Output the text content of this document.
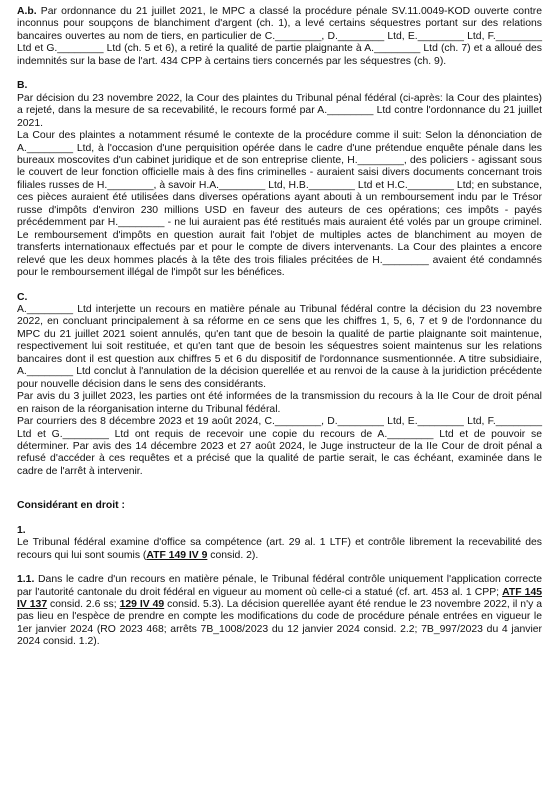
A.b. Par ordonnance du 21 juillet 2021, le MPC a classé la procédure pénale SV.11.0049-KOD ouverte contre inconnus pour soupçons de blanchiment d'argent (ch. 1), a levé certains séquestres portant sur des relations bancaires ouvertes au nom de tiers, en particulier de C.________, D.________ Ltd, E.________ Ltd, F.________ Ltd et G.________ Ltd (ch. 5 et 6), a retiré la qualité de partie plaignante à A.________ Ltd (ch. 7) et a alloué des indemnités sur la base de l'art. 434 CPP à certains tiers concernés par les séquestres (ch. 9).

B.

Par décision du 23 novembre 2022, la Cour des plaintes du Tribunal pénal fédéral (ci-après: la Cour des plaintes) a rejeté, dans la mesure de sa recevabilité, le recours formé par A.________ Ltd contre l'ordonnance du 21 juillet 2021.

La Cour des plaintes a notamment résumé le contexte de la procédure comme il suit: Selon la dénonciation de A.________ Ltd, à l'occasion d'une perquisition opérée dans le cadre d'une prétendue enquête pénale dans les bureaux moscovites d'un cabinet juridique et de son entreprise cliente, H.________, des policiers - agissant sous le couvert de leur fonction officielle mais à des fins criminelles - auraient saisi divers documents concernant trois filiales russes de H.________, à savoir H.A.________ Ltd, H.B.________ Ltd et H.C.________ Ltd; en substance, ces pièces auraient été utilisées dans diverses opérations ayant abouti à un remboursement indu par le Trésor russe d'impôts d'environ 230 millions USD en faveur des auteurs de ces opérations; ces impôts - payés précédemment par H.________ - ne lui auraient pas été restitués mais auraient été volés par un groupe criminel. Le remboursement d'impôts en question aurait fait l'objet de multiples actes de blanchiment au moyen de transferts internationaux effectués par et pour le compte de divers intervenants. La Cour des plaintes a encore relevé que les deux hommes placés à la tête des trois filiales précitées de H.________ avaient été condamnés pour le remboursement illégal de l'impôt sur les bénéfices.

C.

A.________ Ltd interjette un recours en matière pénale au Tribunal fédéral contre la décision du 23 novembre 2022, en concluant principalement à sa réforme en ce sens que les chiffres 1, 5, 6, 7 et 9 de l'ordonnance du MPC du 21 juillet 2021 soient annulés, qu'en tant que de besoin la qualité de partie plaignante soit maintenue, respectivement lui soit restituée, et qu'en tant que de besoin les séquestres soient maintenus sur les relations bancaires dont il est question aux chiffres 5 et 6 du dispositif de l'ordonnance susmentionnée. A titre subsidiaire, A.________ Ltd conclut à l'annulation de la décision querellée et au renvoi de la cause à la juridiction précédente pour nouvelle décision dans le sens des considérants.

Par avis du 3 juillet 2023, les parties ont été informées de la transmission du recours à la IIe Cour de droit pénal en raison de la réorganisation interne du Tribunal fédéral.

Par courriers des 8 décembre 2023 et 19 août 2024, C.________, D.________ Ltd, E.________ Ltd, F.________ Ltd et G.________ Ltd ont requis de recevoir une copie du recours de A.________ Ltd et de pouvoir se déterminer. Par avis des 14 décembre 2023 et 27 août 2024, le Juge instructeur de la IIe Cour de droit pénal a refusé d'accéder à ces requêtes et a précisé que la qualité de partie serait, le cas échéant, examinée dans le cadre de l'arrêt à intervenir.

Considérant en droit :

1.

Le Tribunal fédéral examine d'office sa compétence (art. 29 al. 1 LTF) et contrôle librement la recevabilité des recours qui lui sont soumis (ATF 149 IV 9 consid. 2).

1.1. Dans le cadre d'un recours en matière pénale, le Tribunal fédéral contrôle uniquement l'application correcte par l'autorité cantonale du droit fédéral en vigueur au moment où celle-ci a statué (cf. art. 453 al. 1 CPP; ATF 145 IV 137 consid. 2.6 ss; 129 IV 49 consid. 5.3). La décision querellée ayant été rendue le 23 novembre 2022, il n'y a pas lieu en l'espèce de prendre en compte les modifications du code de procédure pénale entrées en vigueur le 1er janvier 2024 (RO 2023 468; arrêts 7B_1008/2023 du 12 janvier 2024 consid. 2.2; 7B_997/2023 du 4 janvier 2024 consid. 1.2).
